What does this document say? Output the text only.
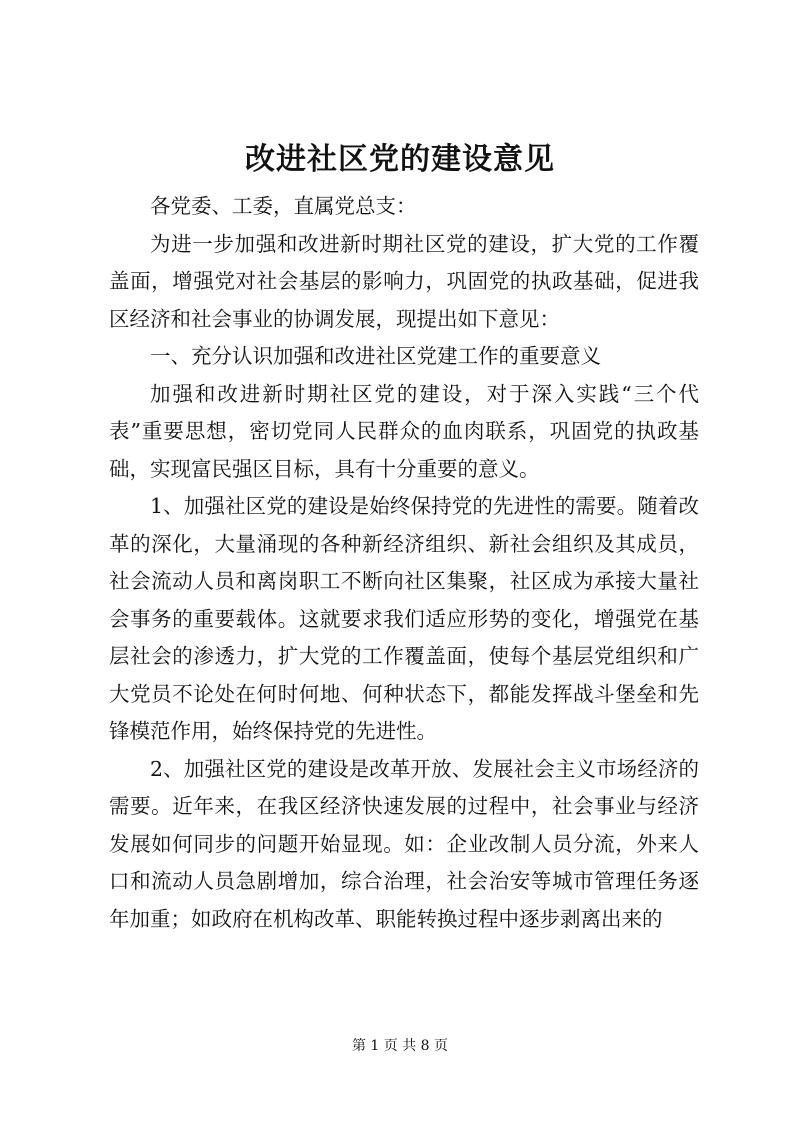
改进社区党的建设意见

各党委、工委，直属党总支：

为进一步加强和改进新时期社区党的建设，扩大党的工作覆盖面，增强党对社会基层的影响力，巩固党的执政基础，促进我区经济和社会事业的协调发展，现提出如下意见：

一、充分认识加强和改进社区党建工作的重要意义

加强和改进新时期社区党的建设，对于深入实践“三个代表”重要思想，密切党同人民群众的血肉联系，巩固党的执政基础，实现富民强区目标，具有十分重要的意义。

1、加强社区党的建设是始终保持党的先进性的需要。随着改革的深化，大量涌现的各种新经济组织、新社会组织及其成员，社会流动人员和离岗职工不断向社区集聚，社区成为承接大量社会事务的重要载体。这就要求我们适应形势的变化，增强党在基层社会的渗透力，扩大党的工作覆盖面，使每个基层党组织和广大党员不论处在何时何地、何种状态下，都能发挥战斗堡垒和先锋模范作用，始终保持党的先进性。

2、加强社区党的建设是改革开放、发展社会主义市场经济的需要。近年来，在我区经济快速发展的过程中，社会事业与经济发展如何同步的问题开始显现。如：企业改制人员分流，外来人口和流动人员急剧增加，综合治理，社会治安等城市管理任务逐年加重；如政府在机构改革、职能转换过程中逐步剥离出来的

第 1 页 共 8 页
